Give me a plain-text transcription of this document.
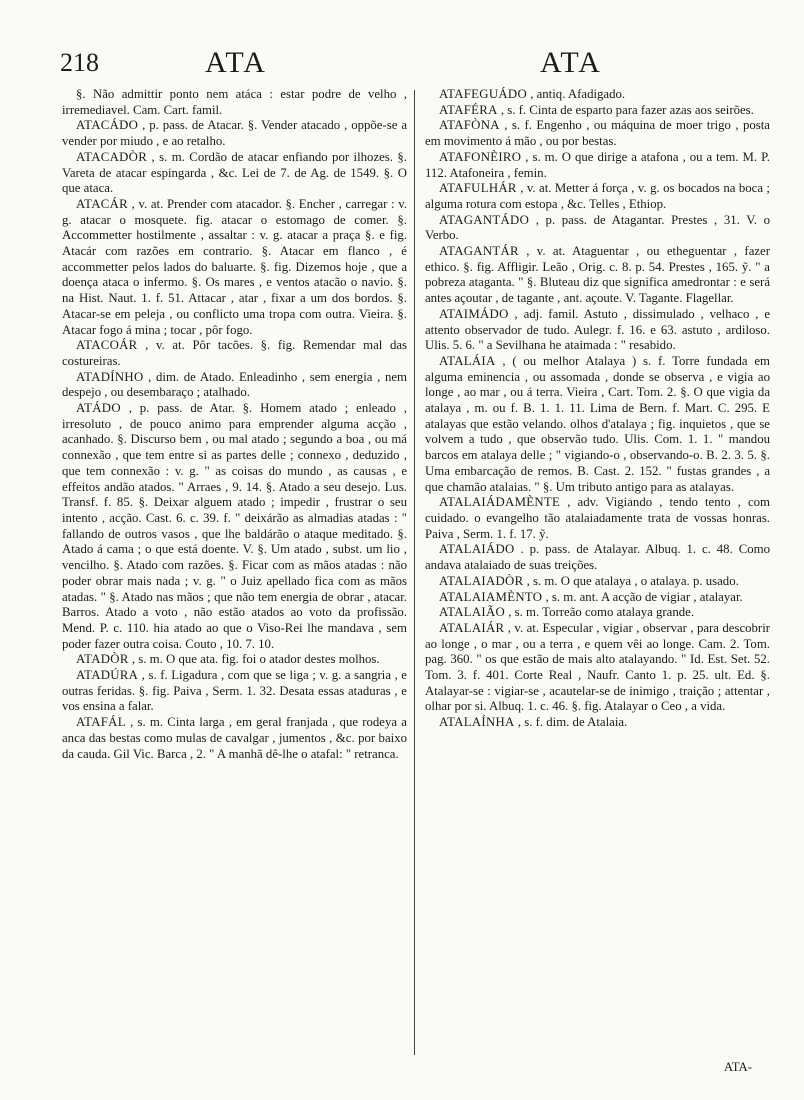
218	ATA	ATA

§. Não admittir ponto nem atáca : estar podre de velho , irremediavel. Cam. Cart. famil.

ATACÁDO , p. pass. de Atacar. §. Vender atacado , oppõe-se a vender por miudo , e ao retalho.

ATACADÒR , s. m. Cordão de atacar enfiando por ilhozes. §. Vareta de atacar espingarda , &c. Lei de 7. de Ag. de 1549. §. O que ataca.

ATACÁR , v. at. Prender com atacador. §. Encher , carregar : v. g. atacar o mosquete. fig. atacar o estomago de comer. §. Accommetter hostilmente , assaltar : v. g. atacar a praça §. e fig. Atacár com razões em contrario. §. Atacar em flanco , é accommetter pelos lados do baluarte. §. fig. Dizemos hoje , que a doença ataca o infermo. §. Os mares , e ventos atacão o navio. §. na Hist. Naut. 1. f. 51. Attacar , atar , fixar a um dos bordos. §. Atacar-se em peleja , ou conflicto uma tropa com outra. Vieira. §. Atacar fogo á mina ; tocar , pôr fogo.

ATACOÁR , v. at. Pôr tacões. §. fig. Remendar mal das costureiras.

ATADÍNHO , dim. de Atado. Enleadinho , sem energia , nem despejo , ou desembaraço ; atalhado.

ATÁDO , p. pass. de Atar. §. Homem atado ; enleado , irresoluto , de pouco animo para emprender alguma acção , acanhado. §. Discurso bem , ou mal atado ; segundo a boa , ou má connexão , que tem entre si as partes delle ; connexo , deduzido , que tem connexão : v. g. " as coisas do mundo , as causas , e effeitos andão atados. " Arraes , 9. 14. §. Atado a seu desejo. Lus. Transf. f. 85. §. Deixar alguem atado ; impedir , frustrar o seu intento , acção. Cast. 6. c. 39. f. " deixárão as almadias atadas : " fallando de outros vasos , que lhe baldárão o ataque meditado. §. Atado á cama ; o que está doente. V. §. Um atado , subst. um lio , vencilho. §. Atado com razões. §. Ficar com as mãos atadas : não poder obrar mais nada ; v. g. " o Juiz apellado fica com as mãos atadas. " §. Atado nas mãos ; que não tem energia de obrar , atacar. Barros. Atado a voto , não estão atados ao voto da profissão. Mend. P. c. 110. hia atado ao que o Viso-Rei lhe mandava , sem poder fazer outra coisa. Couto , 10. 7. 10.

ATADÒR , s. m. O que ata. fig. foi o atador destes molhos.

ATADÚRA , s. f. Ligadura , com que se liga ; v. g. a sangria , e outras feridas. §. fig. Paiva , Serm. 1. 32. Desata essas ataduras , e vos ensina a falar.

ATAFÁL , s. m. Cinta larga , em geral franjada , que rodeya a anca das bestas como mulas de cavalgar , jumentos , &c. por baixo da cauda. Gil Vic. Barca , 2. " A manhã dê-lhe o atafal: " retranca.

ATAFEGUÁDO , antiq. Afadigado.

ATAFÉRA , s. f. Cinta de esparto para fazer azas aos seirões.

ATAFÒNA , s. f. Engenho , ou máquina de moer trigo , posta em movimento á mão , ou por bestas.

ATAFONÈIRO , s. m. O que dirige a atafona , ou a tem. M. P. 112. Atafoneira , femin.

ATAFULHÁR , v. at. Metter á força , v. g. os bocados na boca ; alguma rotura com estopa , &c. Telles , Ethiop.

ATAGANTÁDO , p. pass. de Atagantar. Prestes , 31. V. o Verbo.

ATAGANTÁR , v. at. Ataguentar , ou etheguentar , fazer ethico. §. fig. Affligir. Leão , Orig. c. 8. p. 54. Prestes , 165. ỹ. " a pobreza atagantа. " §. Bluteau diz que significa amedrontar : e será antes açoutar , de tagante , ant. açoute. V. Tagante. Flagellar.

ATAIMÁDO , adj. famil. Astuto , dissimulado , velhaco , e attento observador de tudo. Aulegr. f. 16. e 63. astuto , ardiloso. Ulis. 5. 6. " a Sevilhana he ataimada : " resabido.

ATALÁIA , ( ou melhor Atalaya ) s. f. Torre fundada em alguma eminencia , ou assomada , donde se observa , e vigia ao longe , ao mar , ou á terra. Vieira , Cart. Tom. 2. §. O que vigia da atalaya , m. ou f. B. 1. 1. 11. Lima de Bern. f. Mart. C. 295. E atalayas que estão velando. olhos d'atalaya ; fig. inquietos , que se volvem a tudo , que observão tudo. Ulis. Com. 1. 1. " mandou barcos em atalaya delle ; " vigiando-o , observando-o. B. 2. 3. 5. §. Uma embarcação de remos. B. Cast. 2. 152. " fustas grandes , a que chamão atalaias. " §. Um tributo antigo para as atalayas.

ATALAIÁDAMÈNTE , adv. Vigiando , tendo tento , com cuidado. o evangelho tão atalaiadamente trata de vossas honras. Paiva , Serm. 1. f. 17. ỹ.

ATALAIÁDO . p. pass. de Atalayar. Albuq. 1. c. 48. Como andava atalaiado de suas treições.

ATALAIADÒR , s. m. O que atalaya , o atalaya. p. usado.

ATALAIAMÈNTO , s. m. ant. A acção de vigiar , atalayar.

ATALAIÃO , s. m. Torreão como atalaya grande.

ATALAIÁR , v. at. Especular , vigiar , observar , para descobrir ao longe , o mar , ou a terra , e quem vêi ao longe. Cam. 2. Tom. pag. 360. " os que estão de mais alto atalayando. " Id. Est. Set. 52. Tom. 3. f. 401. Corte Real , Naufr. Canto 1. p. 25. ult. Ed. §. Atalayar-se : vigiar-se , acautelar-se de inimigo , traição ; attentar , olhar por si. Albuq. 1. c. 46. §. fig. Atalayar o Ceo , a vida.

ATALAÍNHA , s. f. dim. de Atalaia.

ATA-
